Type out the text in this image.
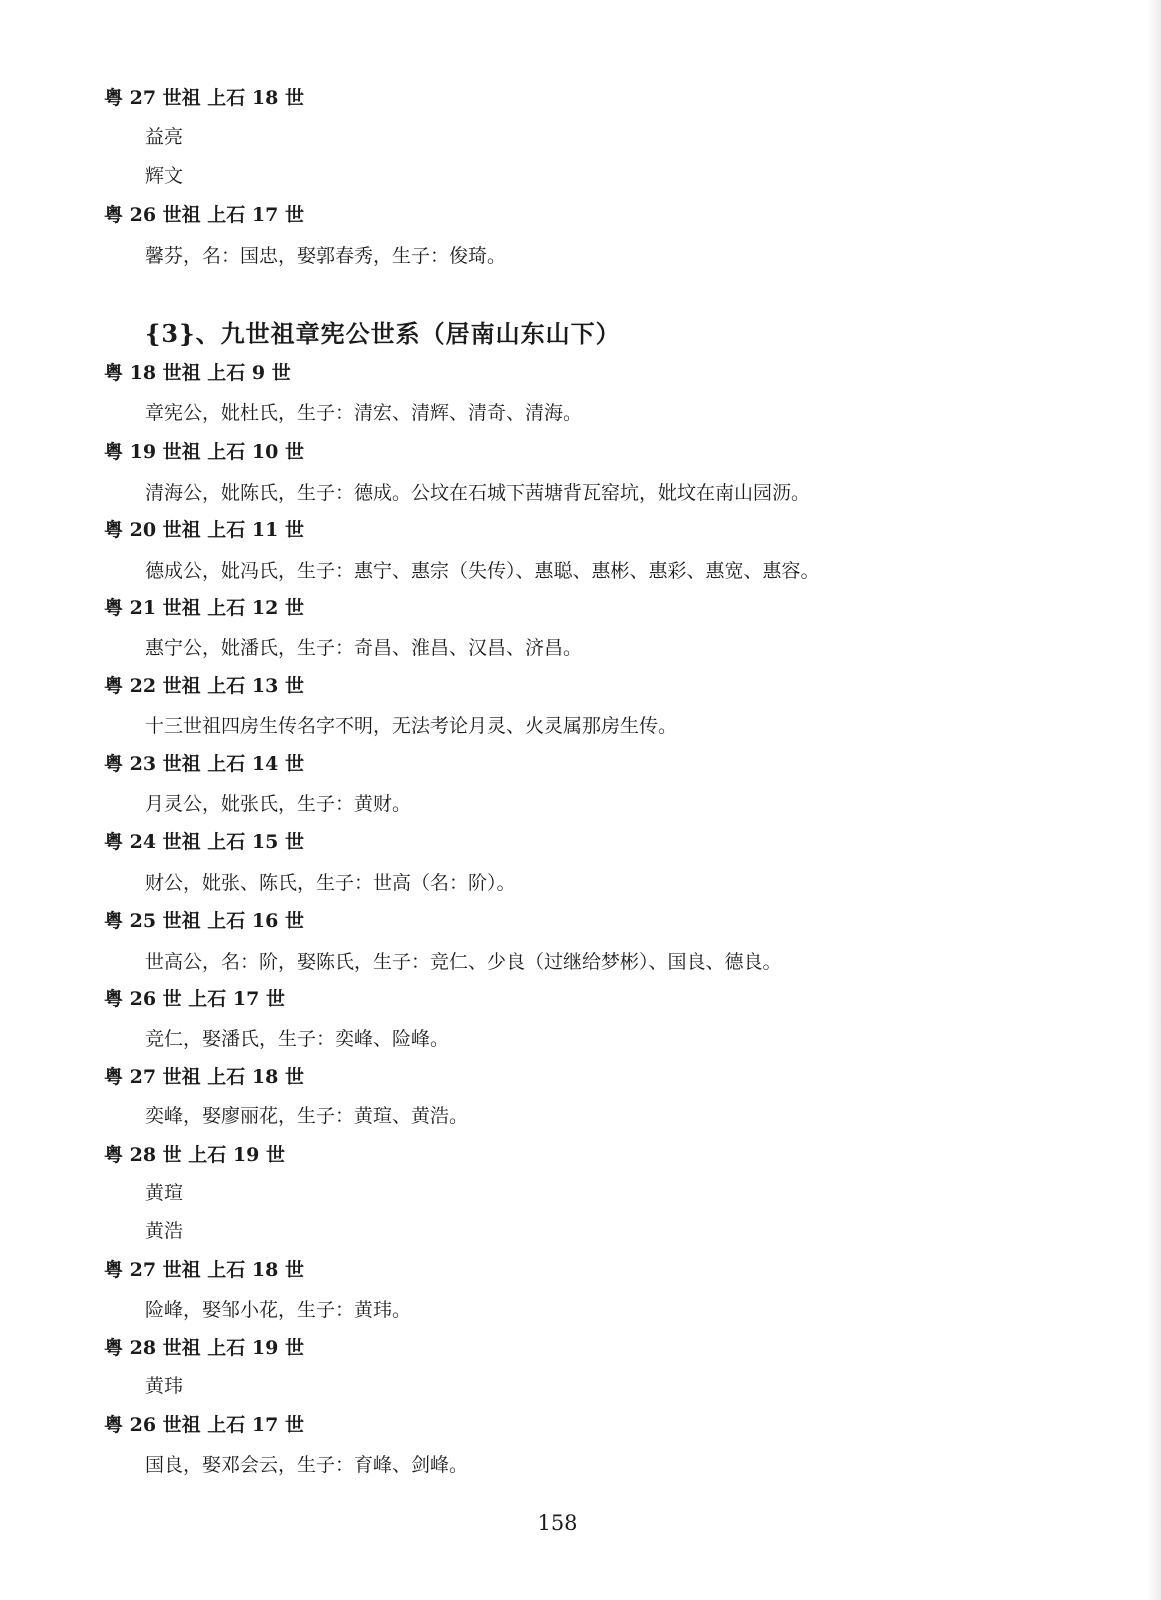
粤 27 世祖 上石 18 世
益亮
辉文
粤 26 世祖 上石 17 世
馨芬，名：国忠，娶郭春秀，生子：俊琦。
{3}、九世祖章宪公世系（居南山东山下）
粤 18 世祖 上石 9 世
章宪公，妣杜氏，生子：清宏、清辉、清奇、清海。
粤 19 世祖 上石 10 世
清海公，妣陈氏，生子：德成。公坟在石城下茜塘背瓦窑坑，妣坟在南山园沥。
粤 20 世祖 上石 11 世
德成公，妣冯氏，生子：惠宁、惠宗（失传）、惠聪、惠彬、惠彩、惠宽、惠容。
粤 21 世祖 上石 12 世
惠宁公，妣潘氏，生子：奇昌、淮昌、汉昌、济昌。
粤 22 世祖 上石 13 世
十三世祖四房生传名字不明，无法考论月灵、火灵属那房生传。
粤 23 世祖 上石 14 世
月灵公，妣张氏，生子：黄财。
粤 24 世祖 上石 15 世
财公，妣张、陈氏，生子：世高（名：阶）。
粤 25 世祖 上石 16 世
世高公，名：阶，娶陈氏，生子：竞仁、少良（过继给梦彬）、国良、德良。
粤 26 世 上石 17 世
竞仁，娶潘氏，生子：奕峰、险峰。
粤 27 世祖 上石 18 世
奕峰，娶廖丽花，生子：黄瑄、黄浩。
粤 28 世 上石 19 世
黄瑄
黄浩
粤 27 世祖 上石 18 世
险峰，娶邹小花，生子：黄玮。
粤 28 世祖 上石 19 世
黄玮
粤 26 世祖 上石 17 世
国良，娶邓会云，生子：育峰、剑峰。
158
